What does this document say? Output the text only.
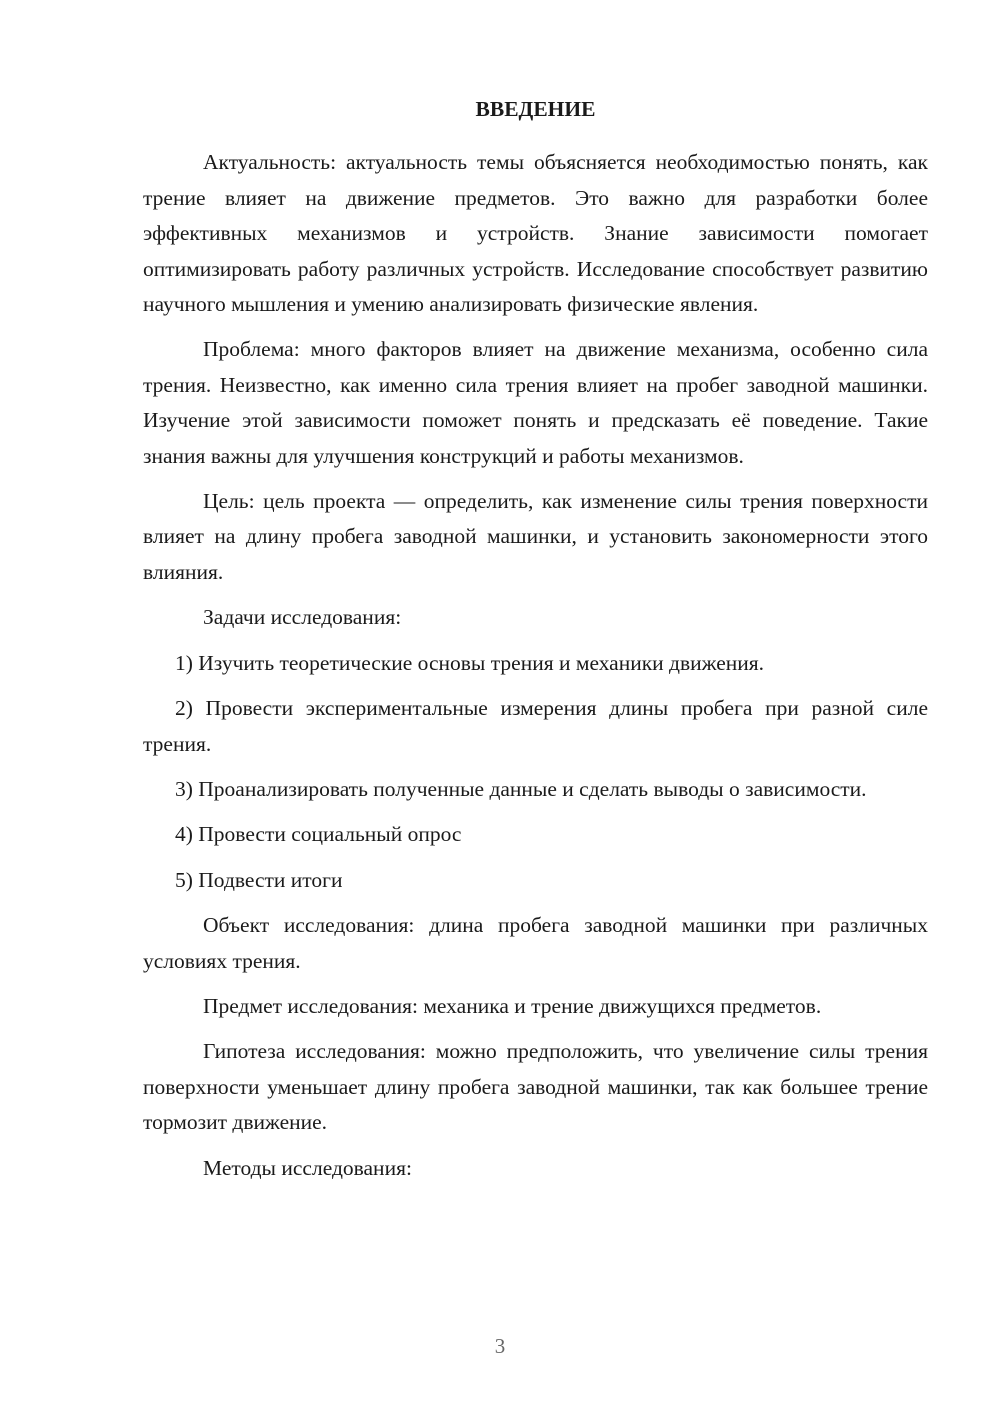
ВВЕДЕНИЕ
Актуальность: актуальность темы объясняется необходимостью понять, как трение влияет на движение предметов. Это важно для разработки более эффективных механизмов и устройств. Знание зависимости помогает оптимизировать работу различных устройств. Исследование способствует развитию научного мышления и умению анализировать физические явления.
Проблема: много факторов влияет на движение механизма, особенно сила трения. Неизвестно, как именно сила трения влияет на пробег заводной машинки. Изучение этой зависимости поможет понять и предсказать её поведение. Такие знания важны для улучшения конструкций и работы механизмов.
Цель: цель проекта — определить, как изменение силы трения поверхности влияет на длину пробега заводной машинки, и установить закономерности этого влияния.
Задачи исследования:
1) Изучить теоретические основы трения и механики движения.
2) Провести экспериментальные измерения длины пробега при разной силе трения.
3) Проанализировать полученные данные и сделать выводы о зависимости.
4) Провести социальный опрос
5) Подвести итоги
Объект исследования: длина пробега заводной машинки при различных условиях трения.
Предмет исследования: механика и трение движущихся предметов.
Гипотеза исследования: можно предположить, что увеличение силы трения поверхности уменьшает длину пробега заводной машинки, так как большее трение тормозит движение.
Методы исследования:
3
